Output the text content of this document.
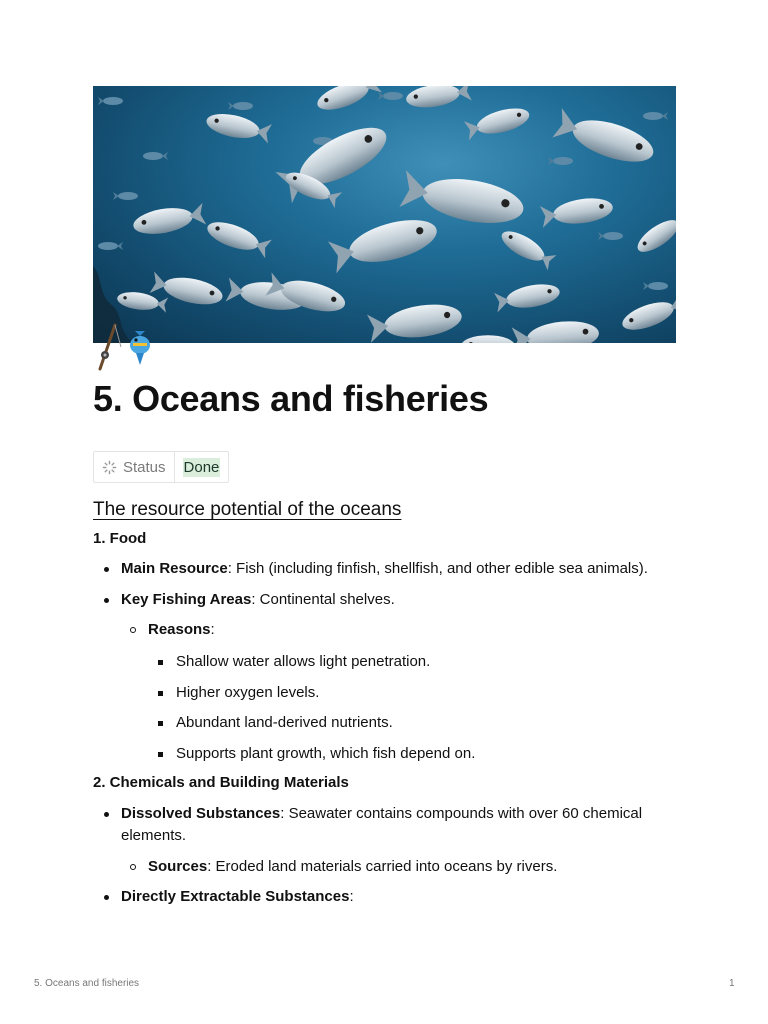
5. Oceans and fisheries
Status Done
The resource potential of the oceans
1. Food
Main Resource: Fish (including finfish, shellfish, and other edible sea animals).
Key Fishing Areas: Continental shelves.
Reasons:
Shallow water allows light penetration.
Higher oxygen levels.
Abundant land-derived nutrients.
Supports plant growth, which fish depend on.
2. Chemicals and Building Materials
Dissolved Substances: Seawater contains compounds with over 60 chemical elements.
Sources: Eroded land materials carried into oceans by rivers.
Directly Extractable Substances:
5. Oceans and fisheries	1
